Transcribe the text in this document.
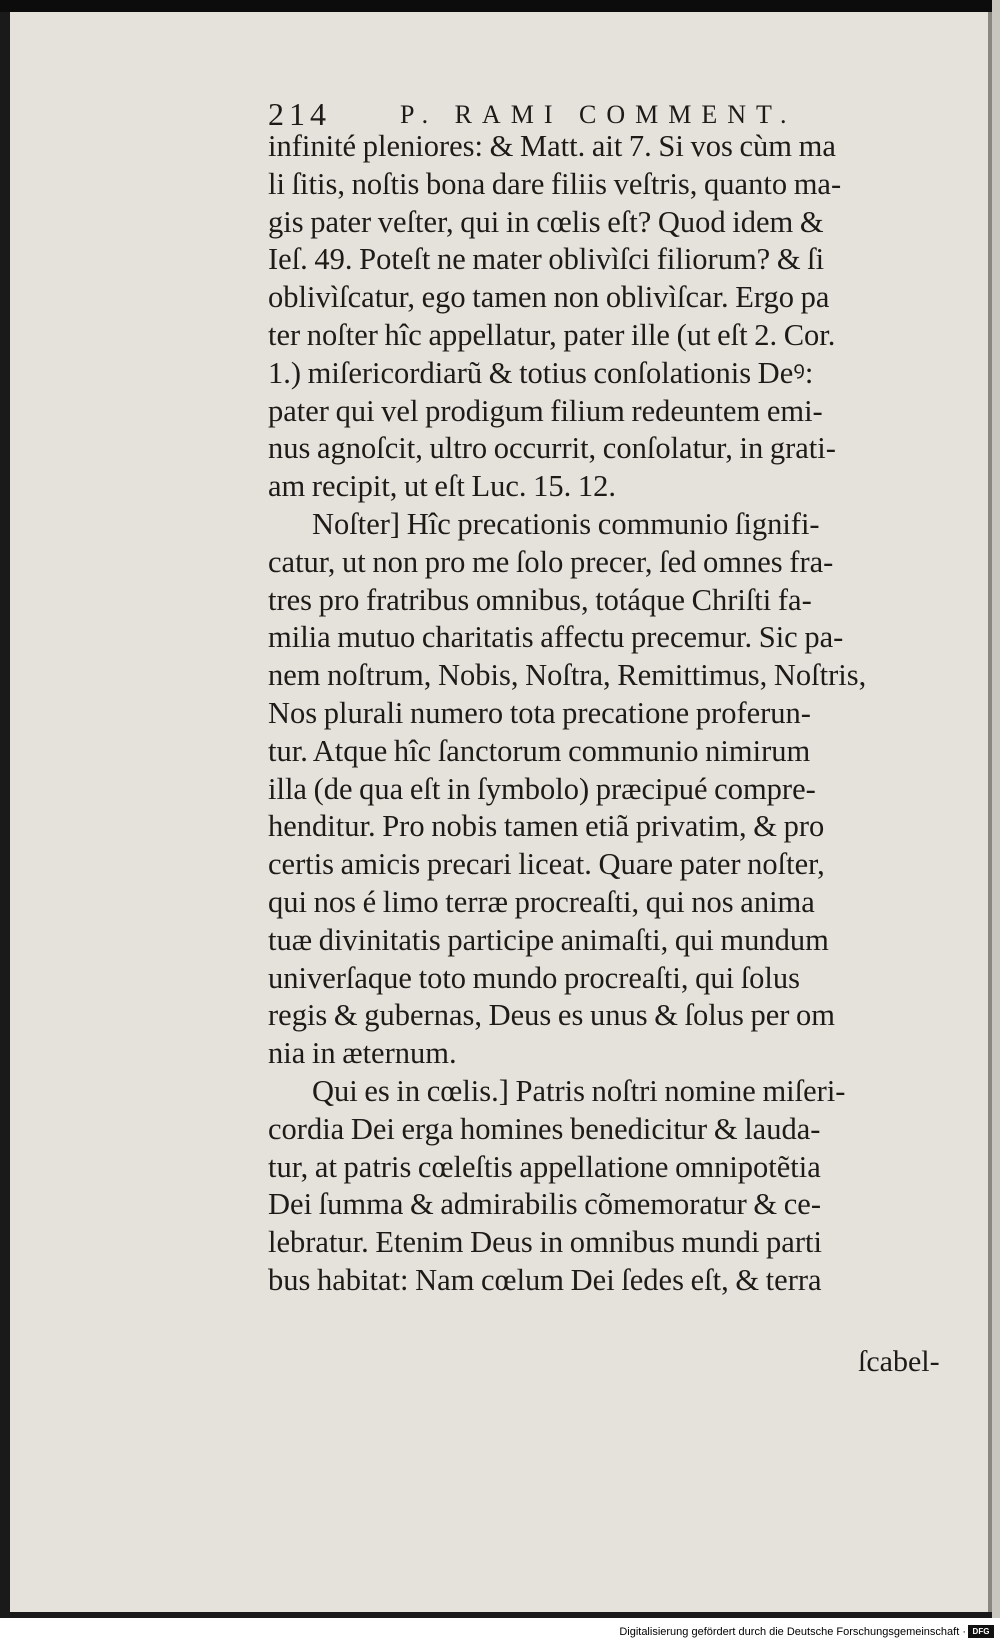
214	P. RAMI COMMENT.
infinité pleniores: & Matt. ait 7. Si vos cùm ma
li ſitis, noſtis bona dare filiis veſtris, quanto ma-
gis pater veſter, qui in cœlis eſt? Quod idem &
Ieſ. 49. Poteſt ne mater oblivìſci filiorum? & ſi
oblivìſcatur, ego tamen non oblivìſcar. Ergo pa
ter noſter hîc appellatur, pater ille (ut eſt 2. Cor.
1.) miſericordiarũ & totius conſolationis Deꝰ:
pater qui vel prodigum filium redeuntem emi-
nus agnoſcit, ultro occurrit, conſolatur, in grati-
am recipit, ut eſt Luc. 15. 12.
Noſter] Hîc precationis communio ſignifi-
catur, ut non pro me ſolo precer, ſed omnes fra-
tres pro fratribus omnibus, totáque Chriſti fa-
milia mutuo charitatis affectu precemur. Sic pa-
nem noſtrum, Nobis, Noſtra, Remittimus, Noſtris,
Nos plurali numero tota precatione proferun-
tur. Atque hîc ſanctorum communio nimirum
illa (de qua eſt in ſymbolo) præcipué compre-
henditur. Pro nobis tamen etiã privatim, & pro
certis amicis precari liceat. Quare pater noſter,
qui nos é limo terræ procreaſti, qui nos anima
tuæ divinitatis participe animaſti, qui mundum
univerſaque toto mundo procreaſti, qui ſolus
regis & gubernas, Deus es unus & ſolus per om
nia in æternum.
Qui es in cœlis.] Patris noſtri nomine miſeri-
cordia Dei erga homines benedicitur & lauda-
tur, at patris cœleſtis appellatione omnipotẽtia
Dei ſumma & admirabilis cõmemoratur & ce-
lebratur. Etenim Deus in omnibus mundi parti
bus habitat: Nam cœlum Dei ſedes eſt, & terra
ſcabel-
Digitalisierung gefördert durch die Deutsche Forschungsgemeinschaft · DFG
